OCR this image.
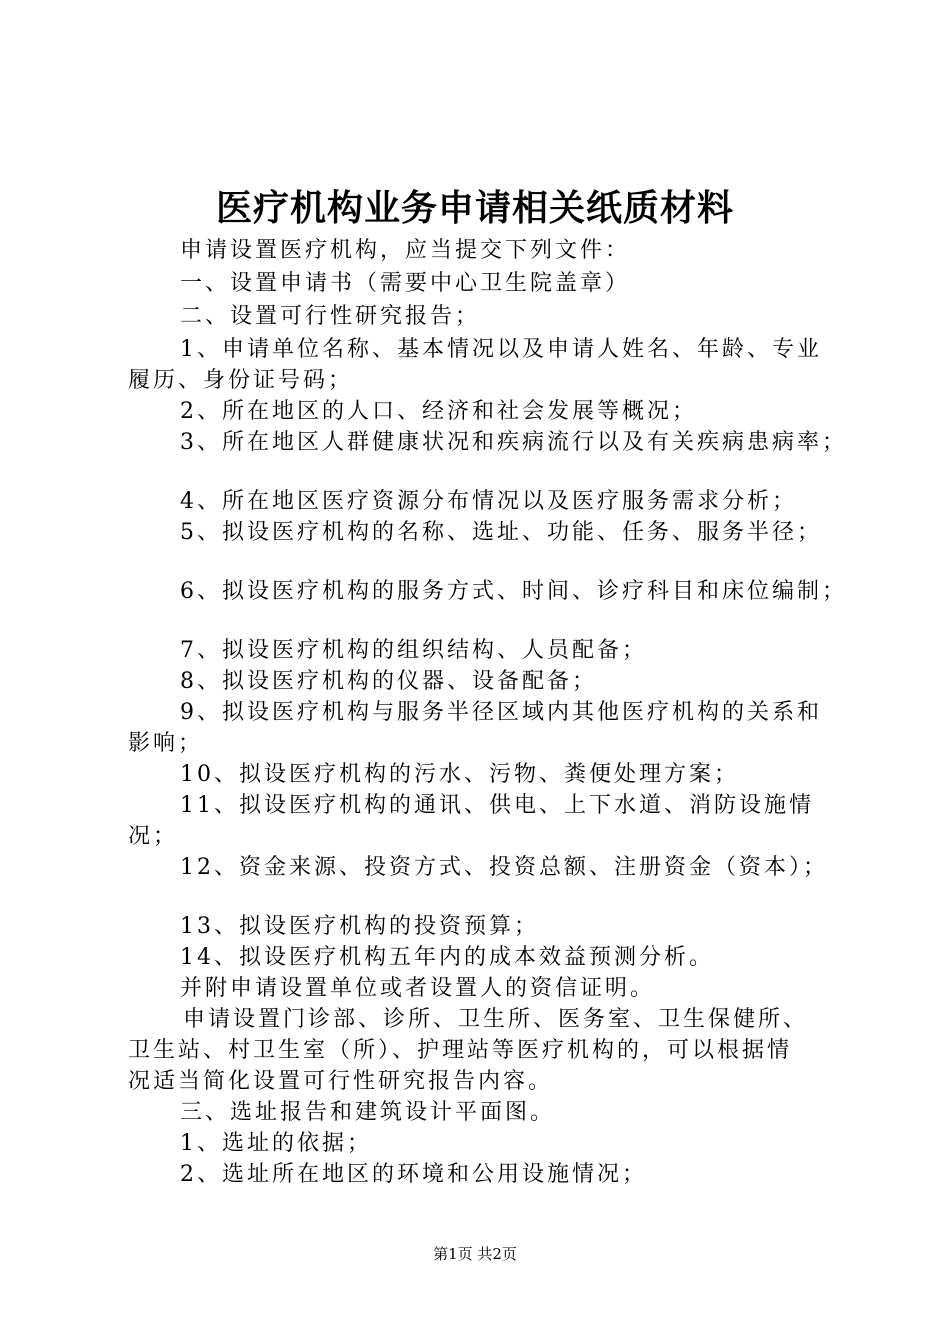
医疗机构业务申请相关纸质材料
申请设置医疗机构，应当提交下列文件：
一、设置申请书（需要中心卫生院盖章）
二、设置可行性研究报告；
1、申请单位名称、基本情况以及申请人姓名、年龄、专业
履历、身份证号码；
2、所在地区的人口、经济和社会发展等概况；
3、所在地区人群健康状况和疾病流行以及有关疾病患病率；
4、所在地区医疗资源分布情况以及医疗服务需求分析；
5、拟设医疗机构的名称、选址、功能、任务、服务半径；
6、拟设医疗机构的服务方式、时间、诊疗科目和床位编制；
7、拟设医疗机构的组织结构、人员配备；
8、拟设医疗机构的仪器、设备配备；
9、拟设医疗机构与服务半径区域内其他医疗机构的关系和
影响；
10、拟设医疗机构的污水、污物、粪便处理方案；
11、拟设医疗机构的通讯、供电、上下水道、消防设施情
况；
12、资金来源、投资方式、投资总额、注册资金（资本）；
13、拟设医疗机构的投资预算；
14、拟设医疗机构五年内的成本效益预测分析。
并附申请设置单位或者设置人的资信证明。
申请设置门诊部、诊所、卫生所、医务室、卫生保健所、
卫生站、村卫生室（所）、护理站等医疗机构的，可以根据情
况适当简化设置可行性研究报告内容。
三、选址报告和建筑设计平面图。
1、选址的依据；
2、选址所在地区的环境和公用设施情况；
第1页 共2页
